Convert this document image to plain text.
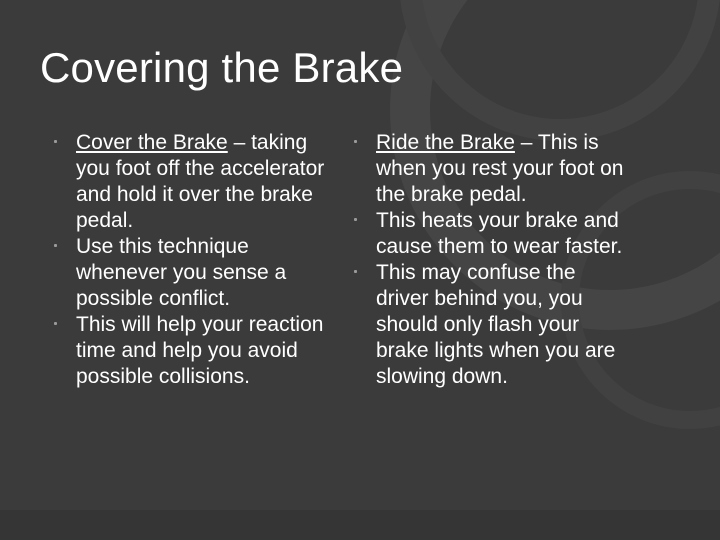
Covering the Brake
Cover the Brake – taking you foot off the accelerator and hold it over the brake pedal.
Use this technique whenever you sense a possible conflict.
This will help your reaction time and help you avoid possible collisions.
Ride the Brake – This is when you rest your foot on the brake pedal.
This heats your brake and cause them to wear faster.
This may confuse the driver behind you, you should only flash your brake lights when you are slowing down.
